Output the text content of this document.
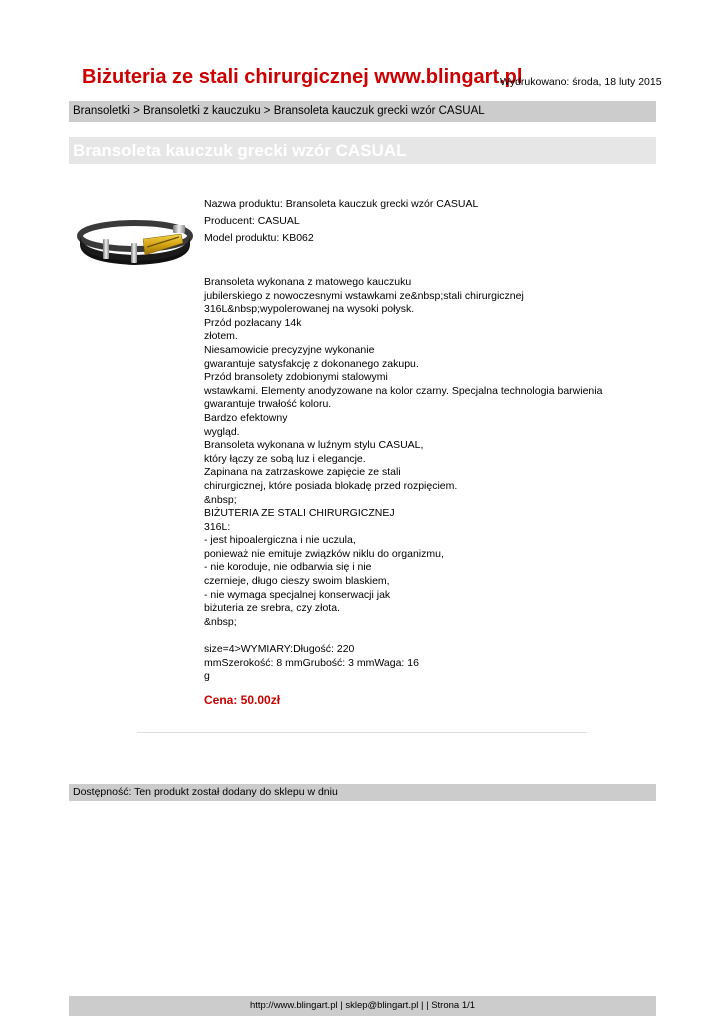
Biżuteria ze stali chirurgicznej www.blingart.pl
Wydrukowano: środa, 18 luty 2015
Bransoletki > Bransoletki z kauczuku > Bransoleta kauczuk grecki wzór CASUAL
Bransoleta kauczuk grecki wzór CASUAL
Nazwa produktu: Bransoleta kauczuk grecki wzór CASUAL
Producent: CASUAL
Model produktu: KB062
Bransoleta wykonana z matowego kauczuku
jubilerskiego z nowoczesnymi wstawkami ze&nbsp;stali chirurgicznej
316L&nbsp;wypolerowanej na wysoki połysk.
Przód pozłacany 14k
złotem.
Niesamowicie precyzyjne wykonanie
gwarantuje satysfakcję z dokonanego zakupu.
Przód bransolety zdobionymi stalowymi
wstawkami. Elementy anodyzowane na kolor czarny. Specjalna technologia barwienia
gwarantuje trwałość koloru.
Bardzo efektowny
wygląd.
Bransoleta wykonana w luźnym stylu CASUAL,
który łączy ze sobą luz i elegancje.
Zapinana na zatrzaskowe zapięcie ze stali
chirurgicznej, które posiada blokadę przed rozpięciem.
&nbsp;
BIŻUTERIA ZE STALI CHIRURGICZNEJ
316L:
- jest hipoalergiczna i nie uczula,
ponieważ nie emituje związków niklu do organizmu,
- nie koroduje, nie odbarwia się i nie
czernieje, długo cieszy swoim blaskiem,
- nie wymaga specjalnej konserwacji jak
biżuteria ze srebra, czy złota.
&nbsp;
size=4>WYMIARY:Długość: 220
mmSzerokość: 8 mmGrubość: 3 mmWaga: 16
g
Cena: 50.00zł
Dostępność: Ten produkt został dodany do sklepu w dniu
http://www.blingart.pl | sklep@blingart.pl | | Strona 1/1
